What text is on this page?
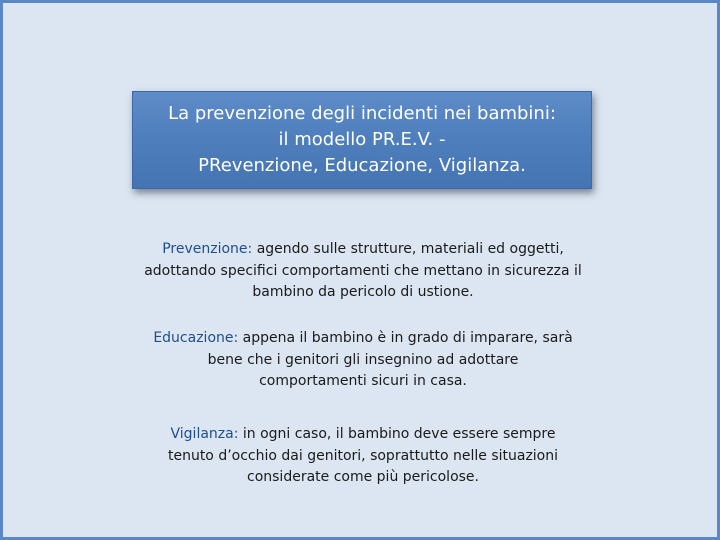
La prevenzione degli incidenti nei bambini:
il modello PR.E.V. -
PRevenzione, Educazione, Vigilanza.
Prevenzione: agendo sulle strutture, materiali ed oggetti,
adottando specifici comportamenti che mettano in sicurezza il
bambino da pericolo di ustione.
Educazione: appena il bambino è in grado di imparare, sarà
bene che i genitori gli insegnino ad adottare
comportamenti sicuri in casa.
Vigilanza: in ogni caso, il bambino deve essere sempre
tenuto d’occhio dai genitori, soprattutto nelle situazioni
considerate come più pericolose.
